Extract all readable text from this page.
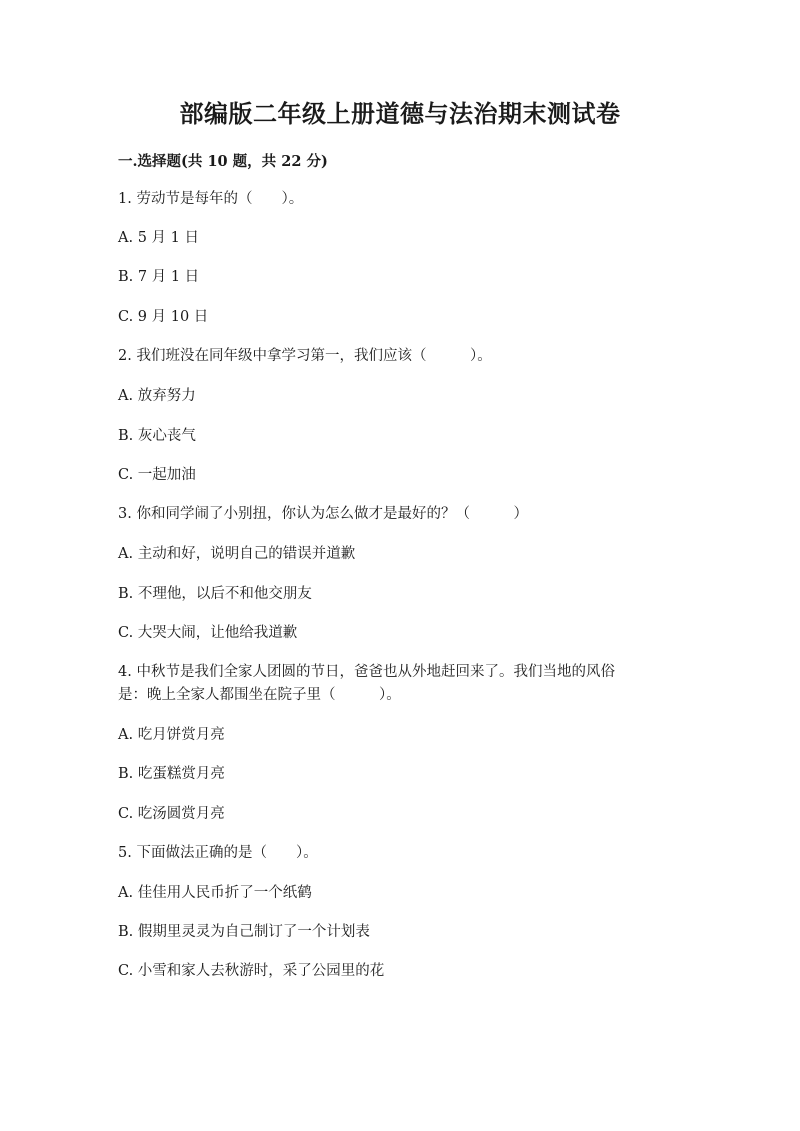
部编版二年级上册道德与法治期末测试卷
一.选择题(共 10 题，共 22 分)
1. 劳动节是每年的（　　）。
A. 5 月 1 日
B. 7 月 1 日
C. 9 月 10 日
2. 我们班没在同年级中拿学习第一，我们应该（　　　）。
A. 放弃努力
B. 灰心丧气
C. 一起加油
3. 你和同学闹了小别扭，你认为怎么做才是最好的？（　　　）
A. 主动和好，说明自己的错误并道歉
B. 不理他，以后不和他交朋友
C. 大哭大闹，让他给我道歉
4. 中秋节是我们全家人团圆的节日，爸爸也从外地赶回来了。我们当地的风俗
是：晚上全家人都围坐在院子里（　　　）。
A. 吃月饼赏月亮
B. 吃蛋糕赏月亮
C. 吃汤圆赏月亮
5. 下面做法正确的是（　　）。
A. 佳佳用人民币折了一个纸鹤
B. 假期里灵灵为自己制订了一个计划表
C. 小雪和家人去秋游时，采了公园里的花
